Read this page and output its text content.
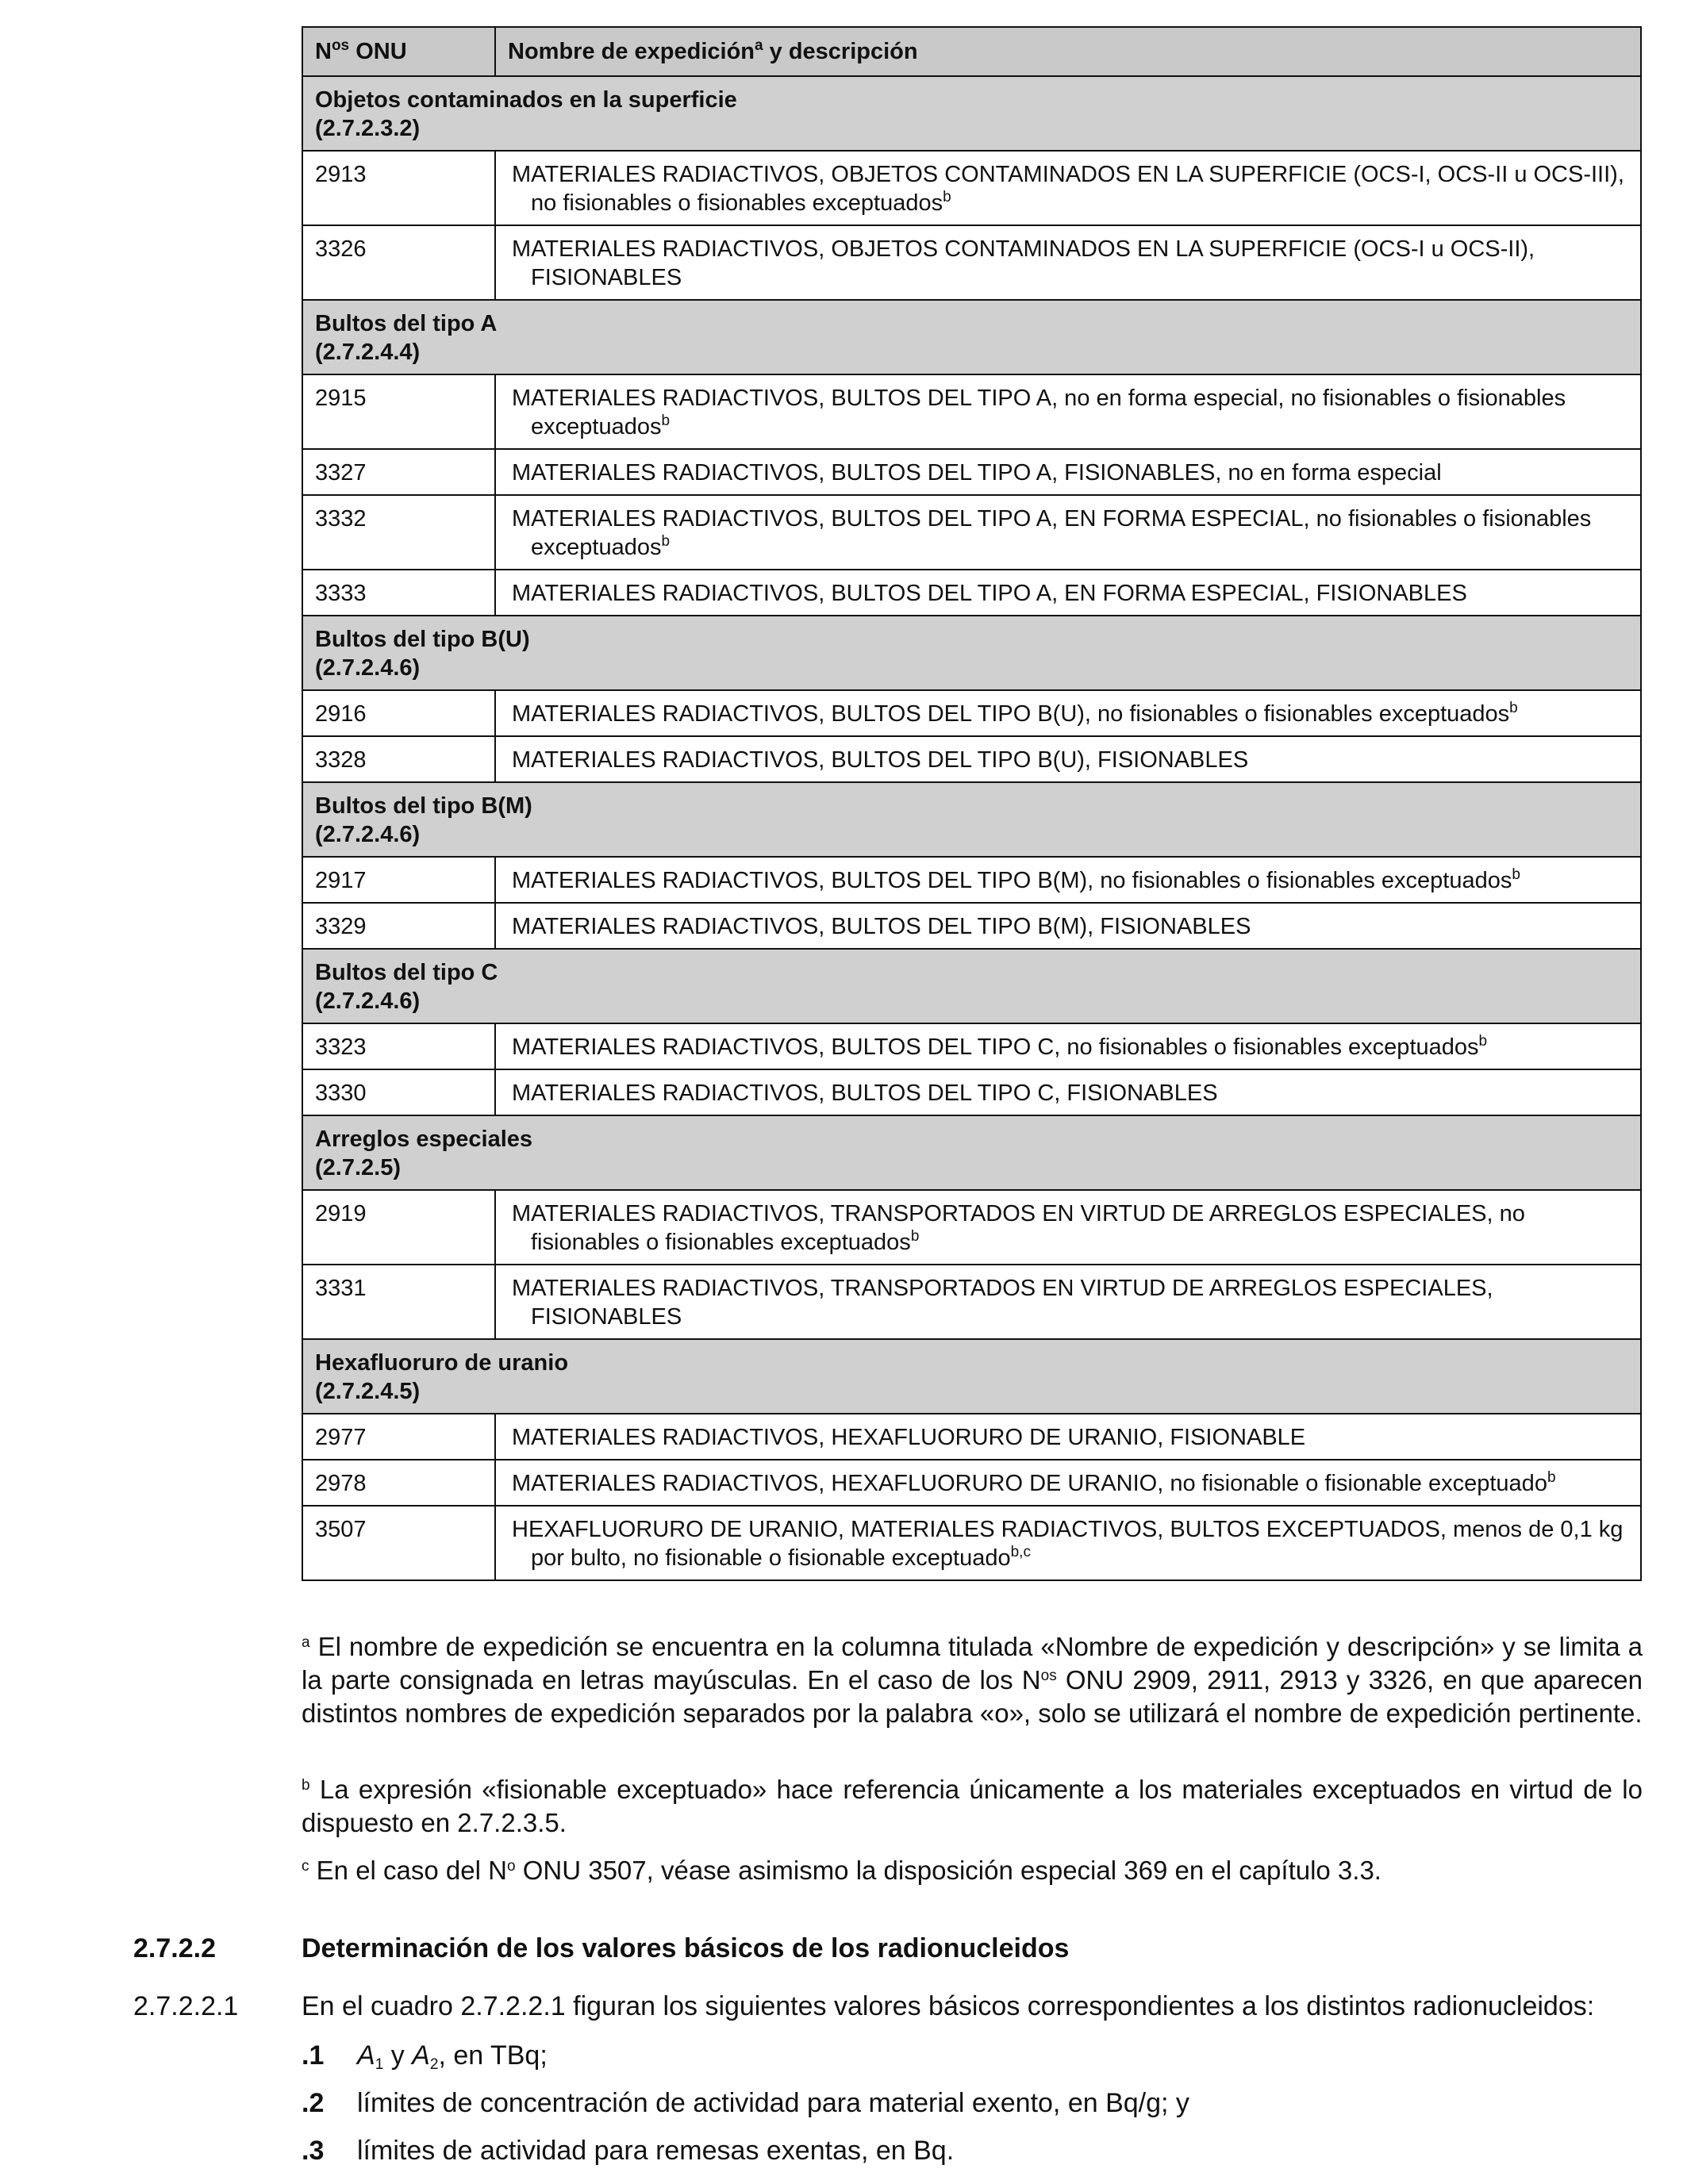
$N^{os}$ ONU	Nombre de expedición$^a$ y descripción

Objetos contaminados en la superficie
(2.7.2.3.2)	

2913	MATERIALES RADIACTIVOS, OBJETOS CONTAMINADOS EN LA SUPERFICIE (OCS-I, OCS-II u OCS-III), no fisionables o fisionables exceptuados$^b$
3326	MATERIALES RADIACTIVOS, OBJETOS CONTAMINADOS EN LA SUPERFICIE (OCS-I u OCS-II), FISIONABLES

Bultos del tipo A
(2.7.2.4.4)	

2915	MATERIALES RADIACTIVOS, BULTOS DEL TIPO A, no en forma especial, no fisionables o fisionables exceptuados$^b$
3327	MATERIALES RADIACTIVOS, BULTOS DEL TIPO A, FISIONABLES, no en forma especial
3332	MATERIALES RADIACTIVOS, BULTOS DEL TIPO A, EN FORMA ESPECIAL, no fisionables o fisionables exceptuados$^b$
3333	MATERIALES RADIACTIVOS, BULTOS DEL TIPO A, EN FORMA ESPECIAL, FISIONABLES

Bultos del tipo B(U)
(2.7.2.4.6)	

2916	MATERIALES RADIACTIVOS, BULTOS DEL TIPO B(U), no fisionables o fisionables exceptuados$^b$
3328	MATERIALES RADIACTIVOS, BULTOS DEL TIPO B(U), FISIONABLES

Bultos del tipo B(M)
(2.7.2.4.6)	

2917	MATERIALES RADIACTIVOS, BULTOS DEL TIPO B(M), no fisionables o fisionables exceptuados$^b$
3329	MATERIALES RADIACTIVOS, BULTOS DEL TIPO B(M), FISIONABLES

Bultos del tipo C
(2.7.2.4.6)	

3323	MATERIALES RADIACTIVOS, BULTOS DEL TIPO C, no fisionables o fisionables exceptuados$^b$
3330	MATERIALES RADIACTIVOS, BULTOS DEL TIPO C, FISIONABLES

Arreglos especiales
(2.7.2.5)	

2919	MATERIALES RADIACTIVOS, TRANSPORTADOS EN VIRTUD DE ARREGLOS ESPECIALES, no fisionables o fisionables exceptuados$^b$
3331	MATERIALES RADIACTIVOS, TRANSPORTADOS EN VIRTUD DE ARREGLOS ESPECIALES, FISIONABLES

Hexafluoruro de uranio
(2.7.2.4.5)	

2977	MATERIALES RADIACTIVOS, HEXAFLUORURO DE URANIO, FISIONABLE
2978	MATERIALES RADIACTIVOS, HEXAFLUORURO DE URANIO, no fisionable o fisionable exceptuado$^b$
3507	HEXAFLUORURO DE URANIO, MATERIALES RADIACTIVOS, BULTOS EXCEPTUADOS, menos de 0,1 kg por bulto, no fisionable o fisionable exceptuado$^{b,c}$

$^a$ El nombre de expedición se encuentra en la columna titulada «Nombre de expedición y descripción» y se limita a la parte consignada en letras mayúsculas. En el caso de los $N^{os}$ ONU 2909, 2911, 2913 y 3326, en que aparecen distintos nombres de expedición separados por la palabra «o», solo se utilizará el nombre de expedición pertinente.

$^b$ La expresión «fisionable exceptuado» hace referencia únicamente a los materiales exceptuados en virtud de lo dispuesto en 2.7.2.3.5.

$^c$ En el caso del $N^o$ ONU 3507, véase asimismo la disposición especial 369 en el capítulo 3.3.

2.7.2.2	Determinación de los valores básicos de los radionucleidos
2.7.2.2.1 En el cuadro 2.7.2.2.1 figuran los siguientes valores básicos correspondientes a los distintos radionucleidos:
.1 $A_1$ y $A_2$, en TBq;
.2 límites de concentración de actividad para material exento, en Bq/g; y
.3 límites de actividad para remesas exentas, en Bq.
